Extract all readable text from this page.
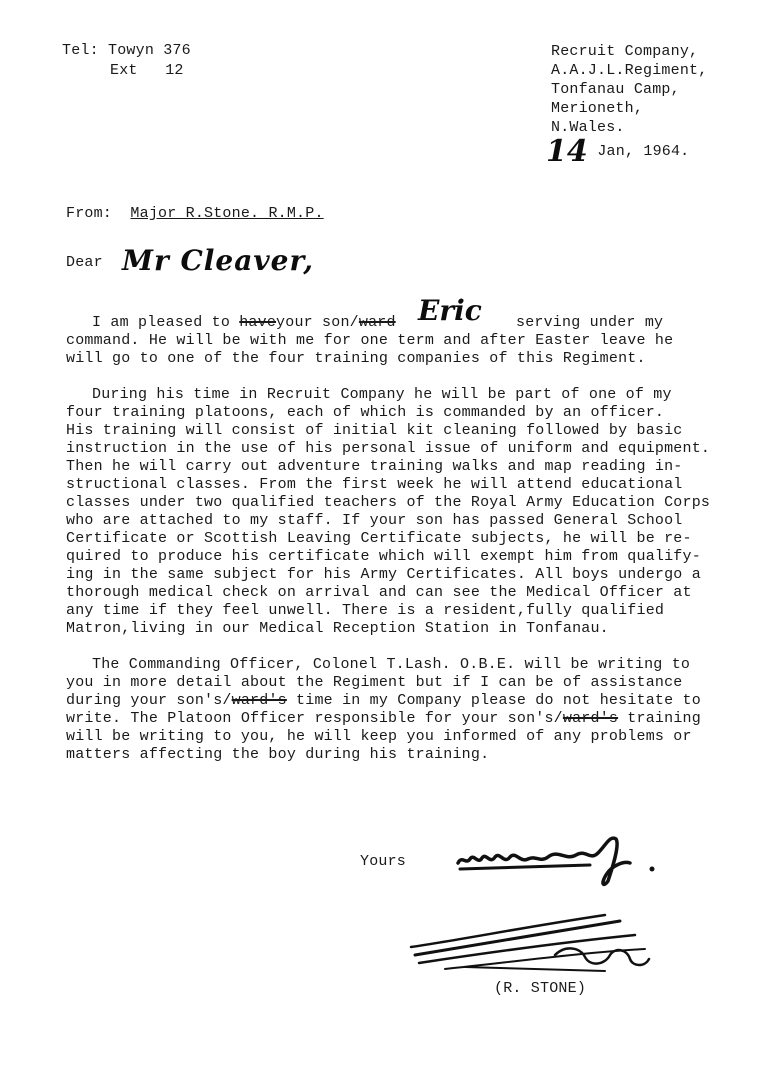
Tel: Towyn 376
Ext 12
Recruit Company,
A.A.J.L.Regiment,
Tonfanau Camp,
Merioneth,
N.Wales.
14 Jan, 1964.
From: Major R.Stone. R.M.P.
Dear Mr Cleaver,
I am pleased to haveyour son/ward Eric serving under my
command. He will be with me for one term and after Easter leave he
will go to one of the four training companies of this Regiment.
During his time in Recruit Company he will be part of one of my
four training platoons, each of which is commanded by an officer.
His training will consist of initial kit cleaning followed by basic
instruction in the use of his personal issue of uniform and equipment.
Then he will carry out adventure training walks and map reading in-
structional classes. From the first week he will attend educational
classes under two qualified teachers of the Royal Army Education Corps
who are attached to my staff. If your son has passed General School
Certificate or Scottish Leaving Certificate subjects, he will be re-
quired to produce his certificate which will exempt him from qualify-
ing in the same subject for his Army Certificates. All boys undergo a
thorough medical check on arrival and can see the Medical Officer at
any time if they feel unwell. There is a resident,fully qualified
Matron,living in our Medical Reception Station in Tonfanau.
The Commanding Officer, Colonel T.Lash. O.B.E. will be writing to
you in more detail about the Regiment but if I can be of assistance
during your son's/ward's time in my Company please do not hesitate to
write. The Platoon Officer responsible for your son's/ward's training
will be writing to you, he will keep you informed of any problems or
matters affecting the boy during his training.
Yours
(R. STONE)
